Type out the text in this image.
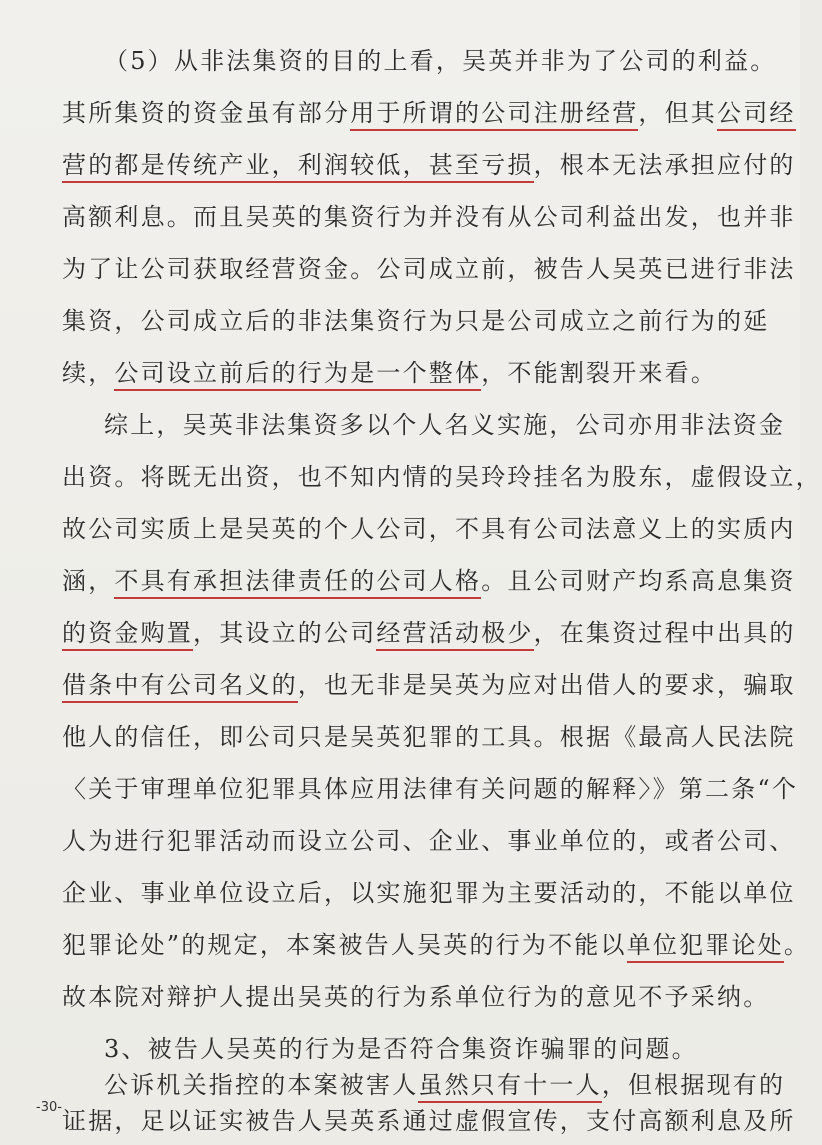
（5）从非法集资的目的上看，吴英并非为了公司的利益。
其所集资的资金虽有部分用于所谓的公司注册经营，但其公司经
营的都是传统产业，利润较低，甚至亏损，根本无法承担应付的
高额利息。而且吴英的集资行为并没有从公司利益出发，也并非
为了让公司获取经营资金。公司成立前，被告人吴英已进行非法
集资，公司成立后的非法集资行为只是公司成立之前行为的延
续，公司设立前后的行为是一个整体，不能割裂开来看。
综上，吴英非法集资多以个人名义实施，公司亦用非法资金
出资。将既无出资，也不知内情的吴玲玲挂名为股东，虚假设立，
故公司实质上是吴英的个人公司，不具有公司法意义上的实质内
涵，不具有承担法律责任的公司人格。且公司财产均系高息集资
的资金购置，其设立的公司经营活动极少，在集资过程中出具的
借条中有公司名义的，也无非是吴英为应对出借人的要求，骗取
他人的信任，即公司只是吴英犯罪的工具。根据《最高人民法院
〈关于审理单位犯罪具体应用法律有关问题的解释〉》第二条“个
人为进行犯罪活动而设立公司、企业、事业单位的，或者公司、
企业、事业单位设立后，以实施犯罪为主要活动的，不能以单位
犯罪论处”的规定，本案被告人吴英的行为不能以单位犯罪论处。
故本院对辩护人提出吴英的行为系单位行为的意见不予采纳。
3、被告人吴英的行为是否符合集资诈骗罪的问题。
公诉机关指控的本案被害人虽然只有十一人，但根据现有的
证据，足以证实被告人吴英系通过虚假宣传，支付高额利息及所
-30-
